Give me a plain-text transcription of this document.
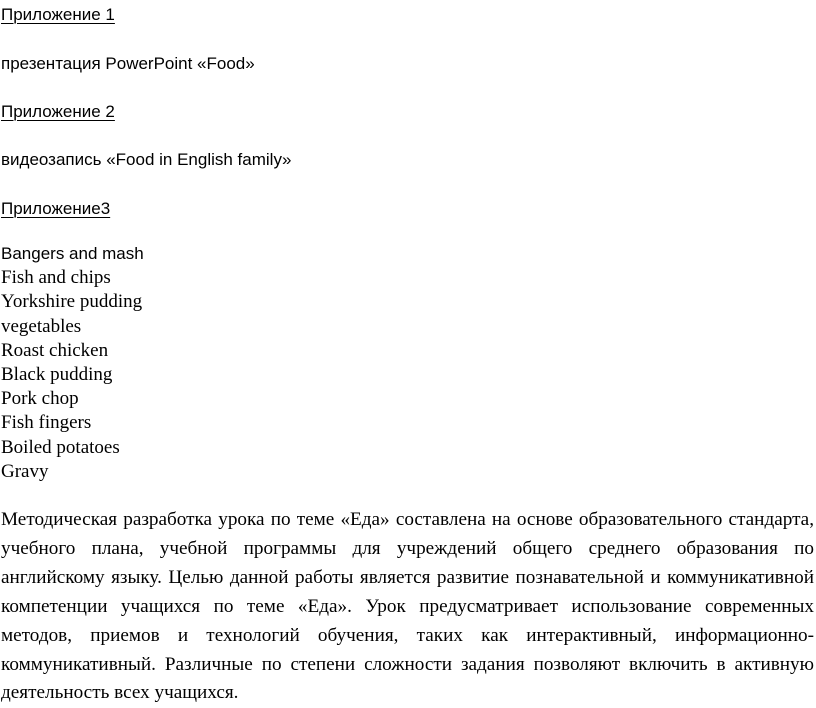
Приложение 1
презентация PowerPoint «Food»
Приложение 2
видеозапись «Food in English family»
Приложение3
Bangers and mash
Fish and chips
Yorkshire pudding
vegetables
Roast chicken
Black pudding
Pork chop
Fish fingers
Boiled potatoes
Gravy

Методическая разработка урока по теме «Еда» составлена на основе образовательного стандарта, учебного плана, учебной программы для учреждений общего среднего образования по английскому языку. Целью данной работы является развитие познавательной и коммуникативной компетенции учащихся по теме «Еда». Урок предусматривает использование современных методов, приемов и технологий обучения, таких как интерактивный, информационно-коммуникативный. Различные по степени сложности задания позволяют включить в активную деятельность всех учащихся.
